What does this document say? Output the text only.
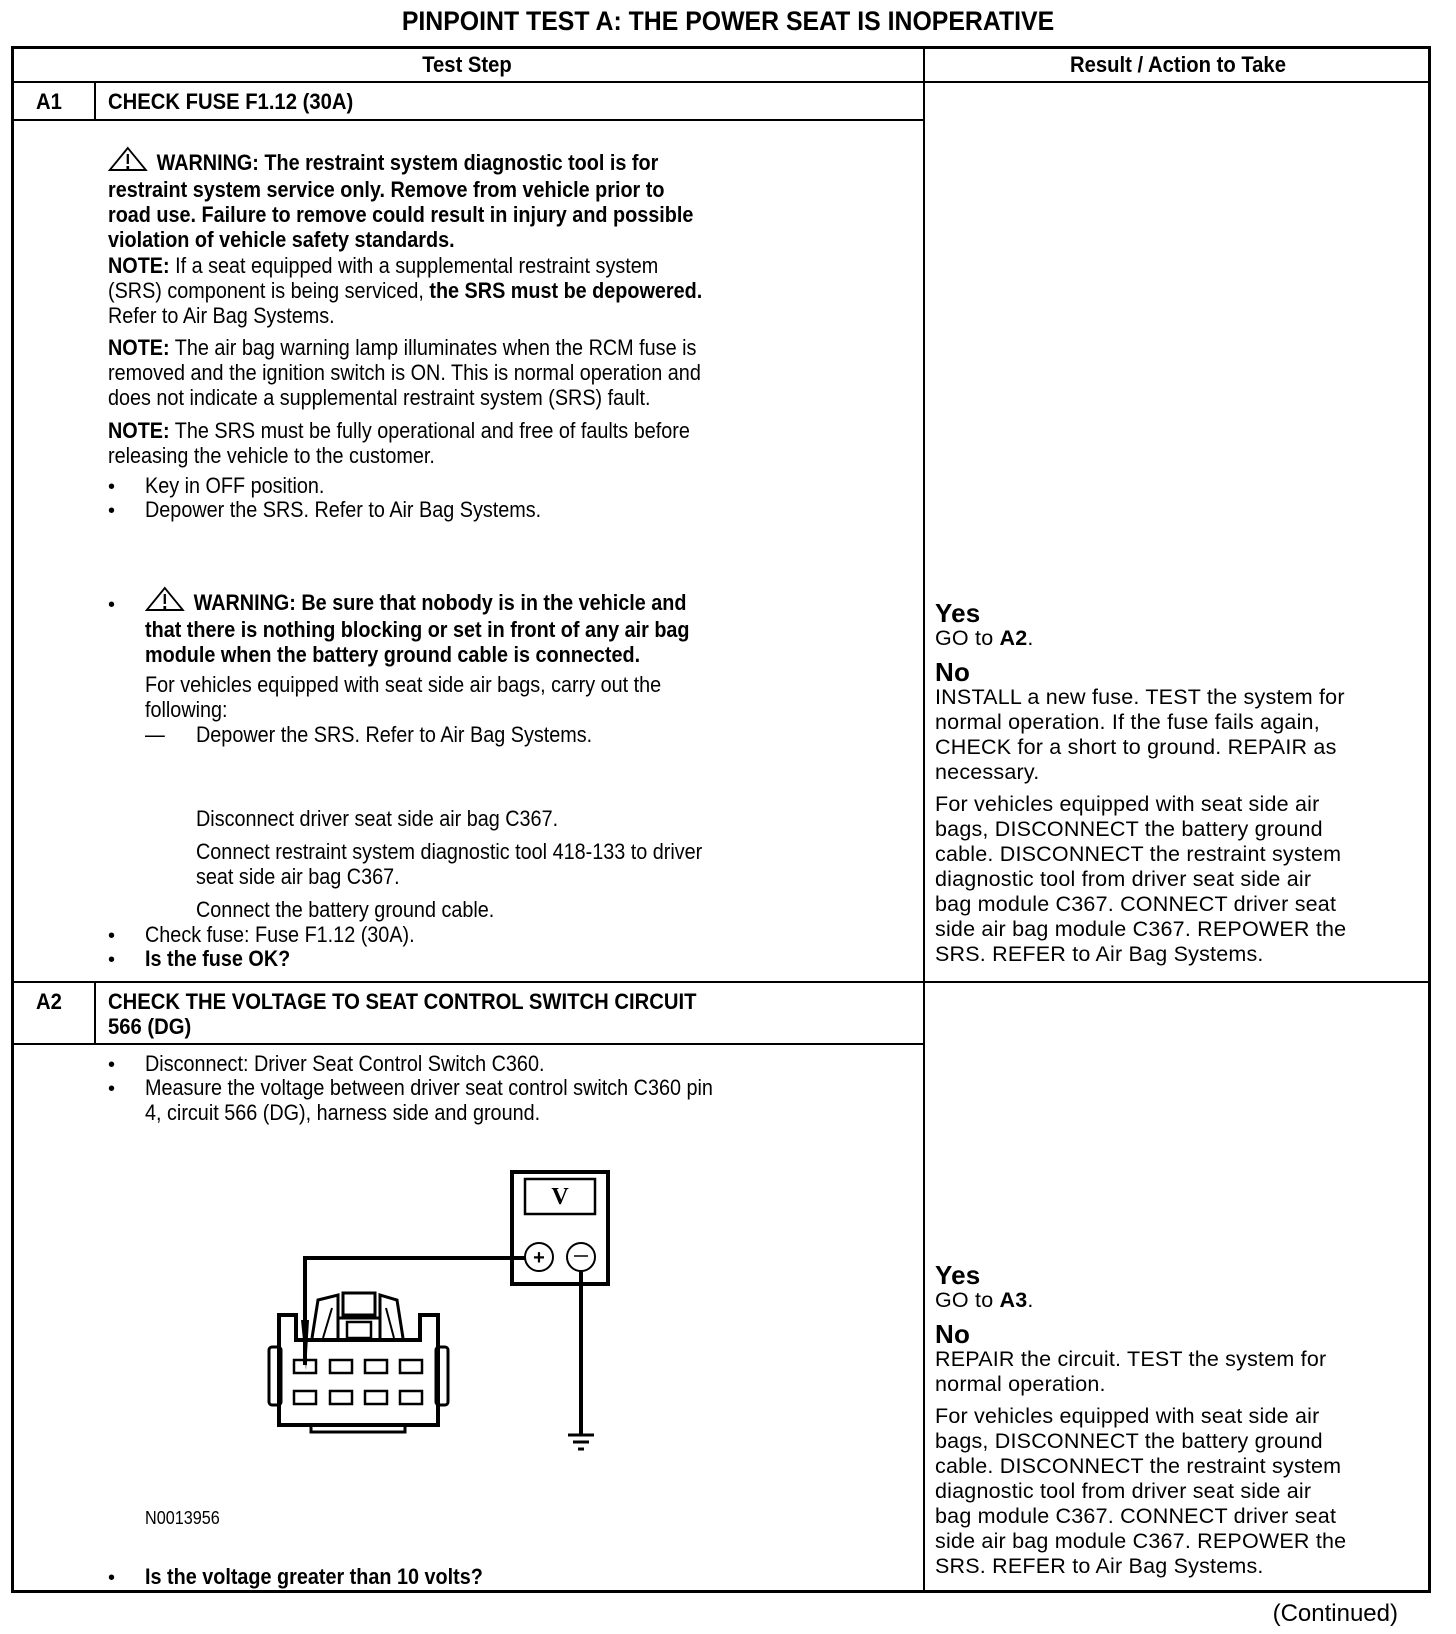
PINPOINT TEST A: THE POWER SEAT IS INOPERATIVE
Test Step	Result / Action to Take
A1 CHECK FUSE F1.12 (30A)
WARNING: The restraint system diagnostic tool is for
restraint system service only. Remove from vehicle prior to
road use. Failure to remove could result in injury and possible
violation of vehicle safety standards.
NOTE: If a seat equipped with a supplemental restraint system
(SRS) component is being serviced, the SRS must be depowered.
Refer to Air Bag Systems.
NOTE: The air bag warning lamp illuminates when the RCM fuse is
removed and the ignition switch is ON. This is normal operation and
does not indicate a supplemental restraint system (SRS) fault.
NOTE: The SRS must be fully operational and free of faults before
releasing the vehicle to the customer.
• Key in OFF position.
• Depower the SRS. Refer to Air Bag Systems.
•	WARNING: Be sure that nobody is in the vehicle and
that there is nothing blocking or set in front of any air bag
module when the battery ground cable is connected.
For vehicles equipped with seat side air bags, carry out the
following:
— Depower the SRS. Refer to Air Bag Systems.
Disconnect driver seat side air bag C367.
Connect restraint system diagnostic tool 418-133 to driver
seat side air bag C367.
Connect the battery ground cable.
• Check fuse: Fuse F1.12 (30A).
• Is the fuse OK?
Yes
GO to A2.
No
INSTALL a new fuse. TEST the system for
normal operation. If the fuse fails again,
CHECK for a short to ground. REPAIR as
necessary.
For vehicles equipped with seat side air
bags, DISCONNECT the battery ground
cable. DISCONNECT the restraint system
diagnostic tool from driver seat side air
bag module C367. CONNECT driver seat
side air bag module C367. REPOWER the
SRS. REFER to Air Bag Systems.
A2 CHECK THE VOLTAGE TO SEAT CONTROL SWITCH CIRCUIT
566 (DG)
• Disconnect: Driver Seat Control Switch C360.
• Measure the voltage between driver seat control switch C360 pin
4, circuit 566 (DG), harness side and ground.
V
+
N0013956
• Is the voltage greater than 10 volts?
Yes
GO to A3.
No
REPAIR the circuit. TEST the system for
normal operation.
For vehicles equipped with seat side air
bags, DISCONNECT the battery ground
cable. DISCONNECT the restraint system
diagnostic tool from driver seat side air
bag module C367. CONNECT driver seat
side air bag module C367. REPOWER the
SRS. REFER to Air Bag Systems.
(Continued)
